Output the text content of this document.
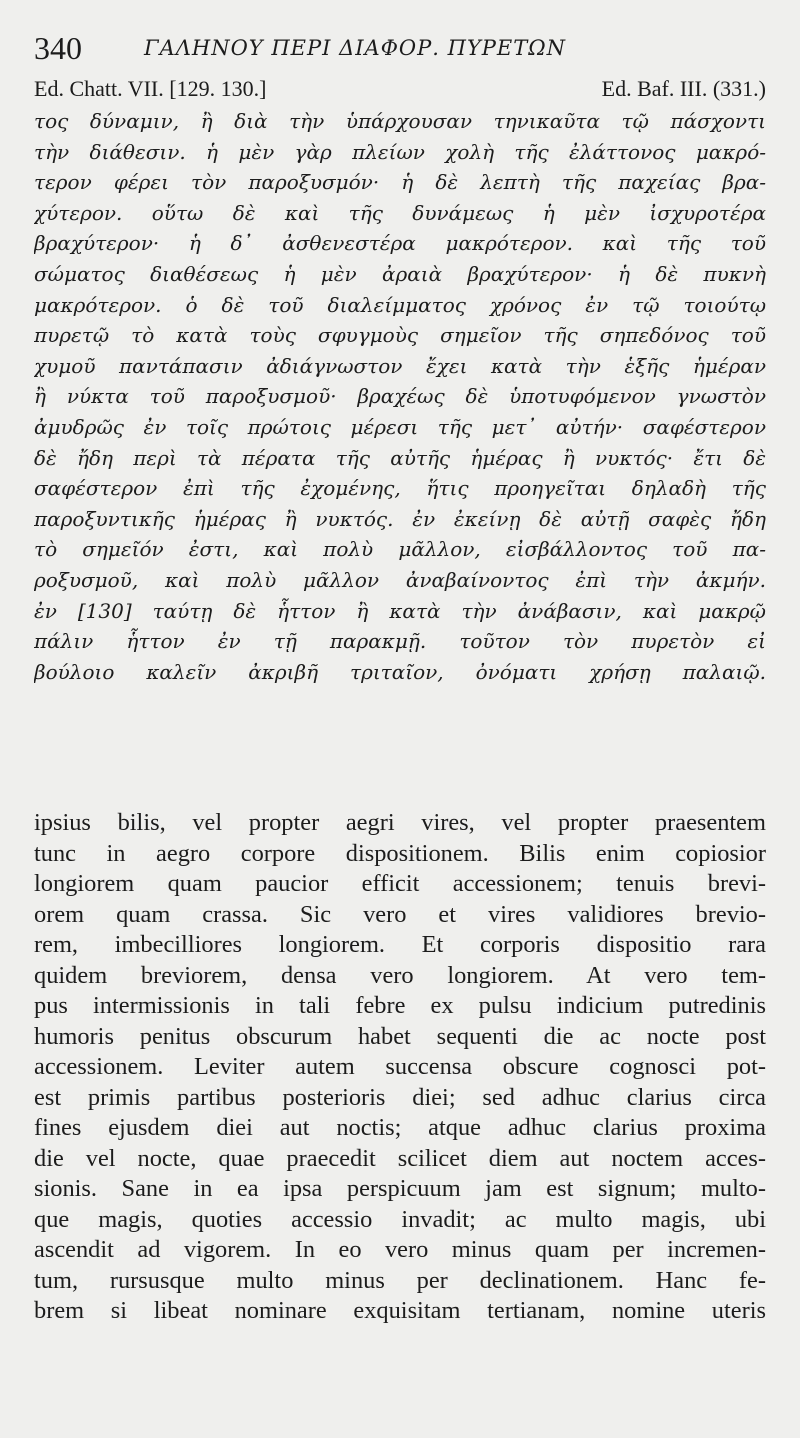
340	ΓΑΛΗΝΟΥ ΠΕΡΙ ΔΙΑΦΟΡ. ΠΥΡΕΤΩΝ
Ed. Chatt. VII. [129. 130.]	Ed. Baf. III. (331.)
τος δύναμιν, ἢ διὰ τὴν ὑπάρχουσαν τηνικαῦτα τῷ πάσχοντι
τὴν διάθεσιν. ἡ μὲν γὰρ πλείων χολὴ τῆς ἐλάττονος μακρό-
τερον φέρει τὸν παροξυσμόν· ἡ δὲ λεπτὴ τῆς παχείας βρα-
χύτερον. οὕτω δὲ καὶ τῆς δυνάμεως ἡ μὲν ἰσχυροτέρα
βραχύτερον· ἡ δ᾽ ἀσθενεστέρα μακρότερον. καὶ τῆς τοῦ
σώματος διαθέσεως ἡ μὲν ἀραιὰ βραχύτερον· ἡ δὲ πυκνὴ
μακρότερον. ὁ δὲ τοῦ διαλείμματος χρόνος ἐν τῷ τοιούτῳ
πυρετῷ τὸ κατὰ τοὺς σφυγμοὺς σημεῖον τῆς σηπεδόνος τοῦ
χυμοῦ παντάπασιν ἀδιάγνωστον ἔχει κατὰ τὴν ἑξῆς ἡμέραν
ἢ νύκτα τοῦ παροξυσμοῦ· βραχέως δὲ ὑποτυφόμενον γνωστὸν
ἀμυδρῶς ἐν τοῖς πρώτοις μέρεσι τῆς μετ᾽ αὐτήν· σαφέστερον
δὲ ἤδη περὶ τὰ πέρατα τῆς αὐτῆς ἡμέρας ἢ νυκτός· ἔτι δὲ
σαφέστερον ἐπὶ τῆς ἐχομένης, ἥτις προηγεῖται δηλαδὴ τῆς
παροξυντικῆς ἡμέρας ἢ νυκτός. ἐν ἐκείνῃ δὲ αὐτῇ σαφὲς ἤδη
τὸ σημεῖόν ἐστι, καὶ πολὺ μᾶλλον, εἰσβάλλοντος τοῦ πα-
ροξυσμοῦ, καὶ πολὺ μᾶλλον ἀναβαίνοντος ἐπὶ τὴν ἀκμήν.
ἐν [130] ταύτῃ δὲ ἧττον ἢ κατὰ τὴν ἀνάβασιν, καὶ μακρῷ
πάλιν ἧττον ἐν τῇ παρακμῇ. τοῦτον τὸν πυρετὸν εἰ
βούλοιο καλεῖν ἀκριβῆ τριταῖον, ὀνόματι χρήσῃ παλαιῷ.
ipsius bilis, vel propter aegri vires, vel propter praesentem
tunc in aegro corpore dispositionem. Bilis enim copiosior
longiorem quam paucior efficit accessionem; tenuis brevi-
orem quam crassa. Sic vero et vires validiores brevio-
rem, imbecilliores longiorem. Et corporis dispositio rara
quidem breviorem, densa vero longiorem. At vero tem-
pus intermissionis in tali febre ex pulsu indicium putredinis
humoris penitus obscurum habet sequenti die ac nocte post
accessionem. Leviter autem succensa obscure cognosci pot-
est primis partibus posterioris diei; sed adhuc clarius circa
fines ejusdem diei aut noctis; atque adhuc clarius proxima
die vel nocte, quae praecedit scilicet diem aut noctem acces-
sionis. Sane in ea ipsa perspicuum jam est signum; multo-
que magis, quoties accessio invadit; ac multo magis, ubi
ascendit ad vigorem. In eo vero minus quam per incremen-
tum, rursusque multo minus per declinationem. Hanc fe-
brem si libeat nominare exquisitam tertianam, nomine uteris
